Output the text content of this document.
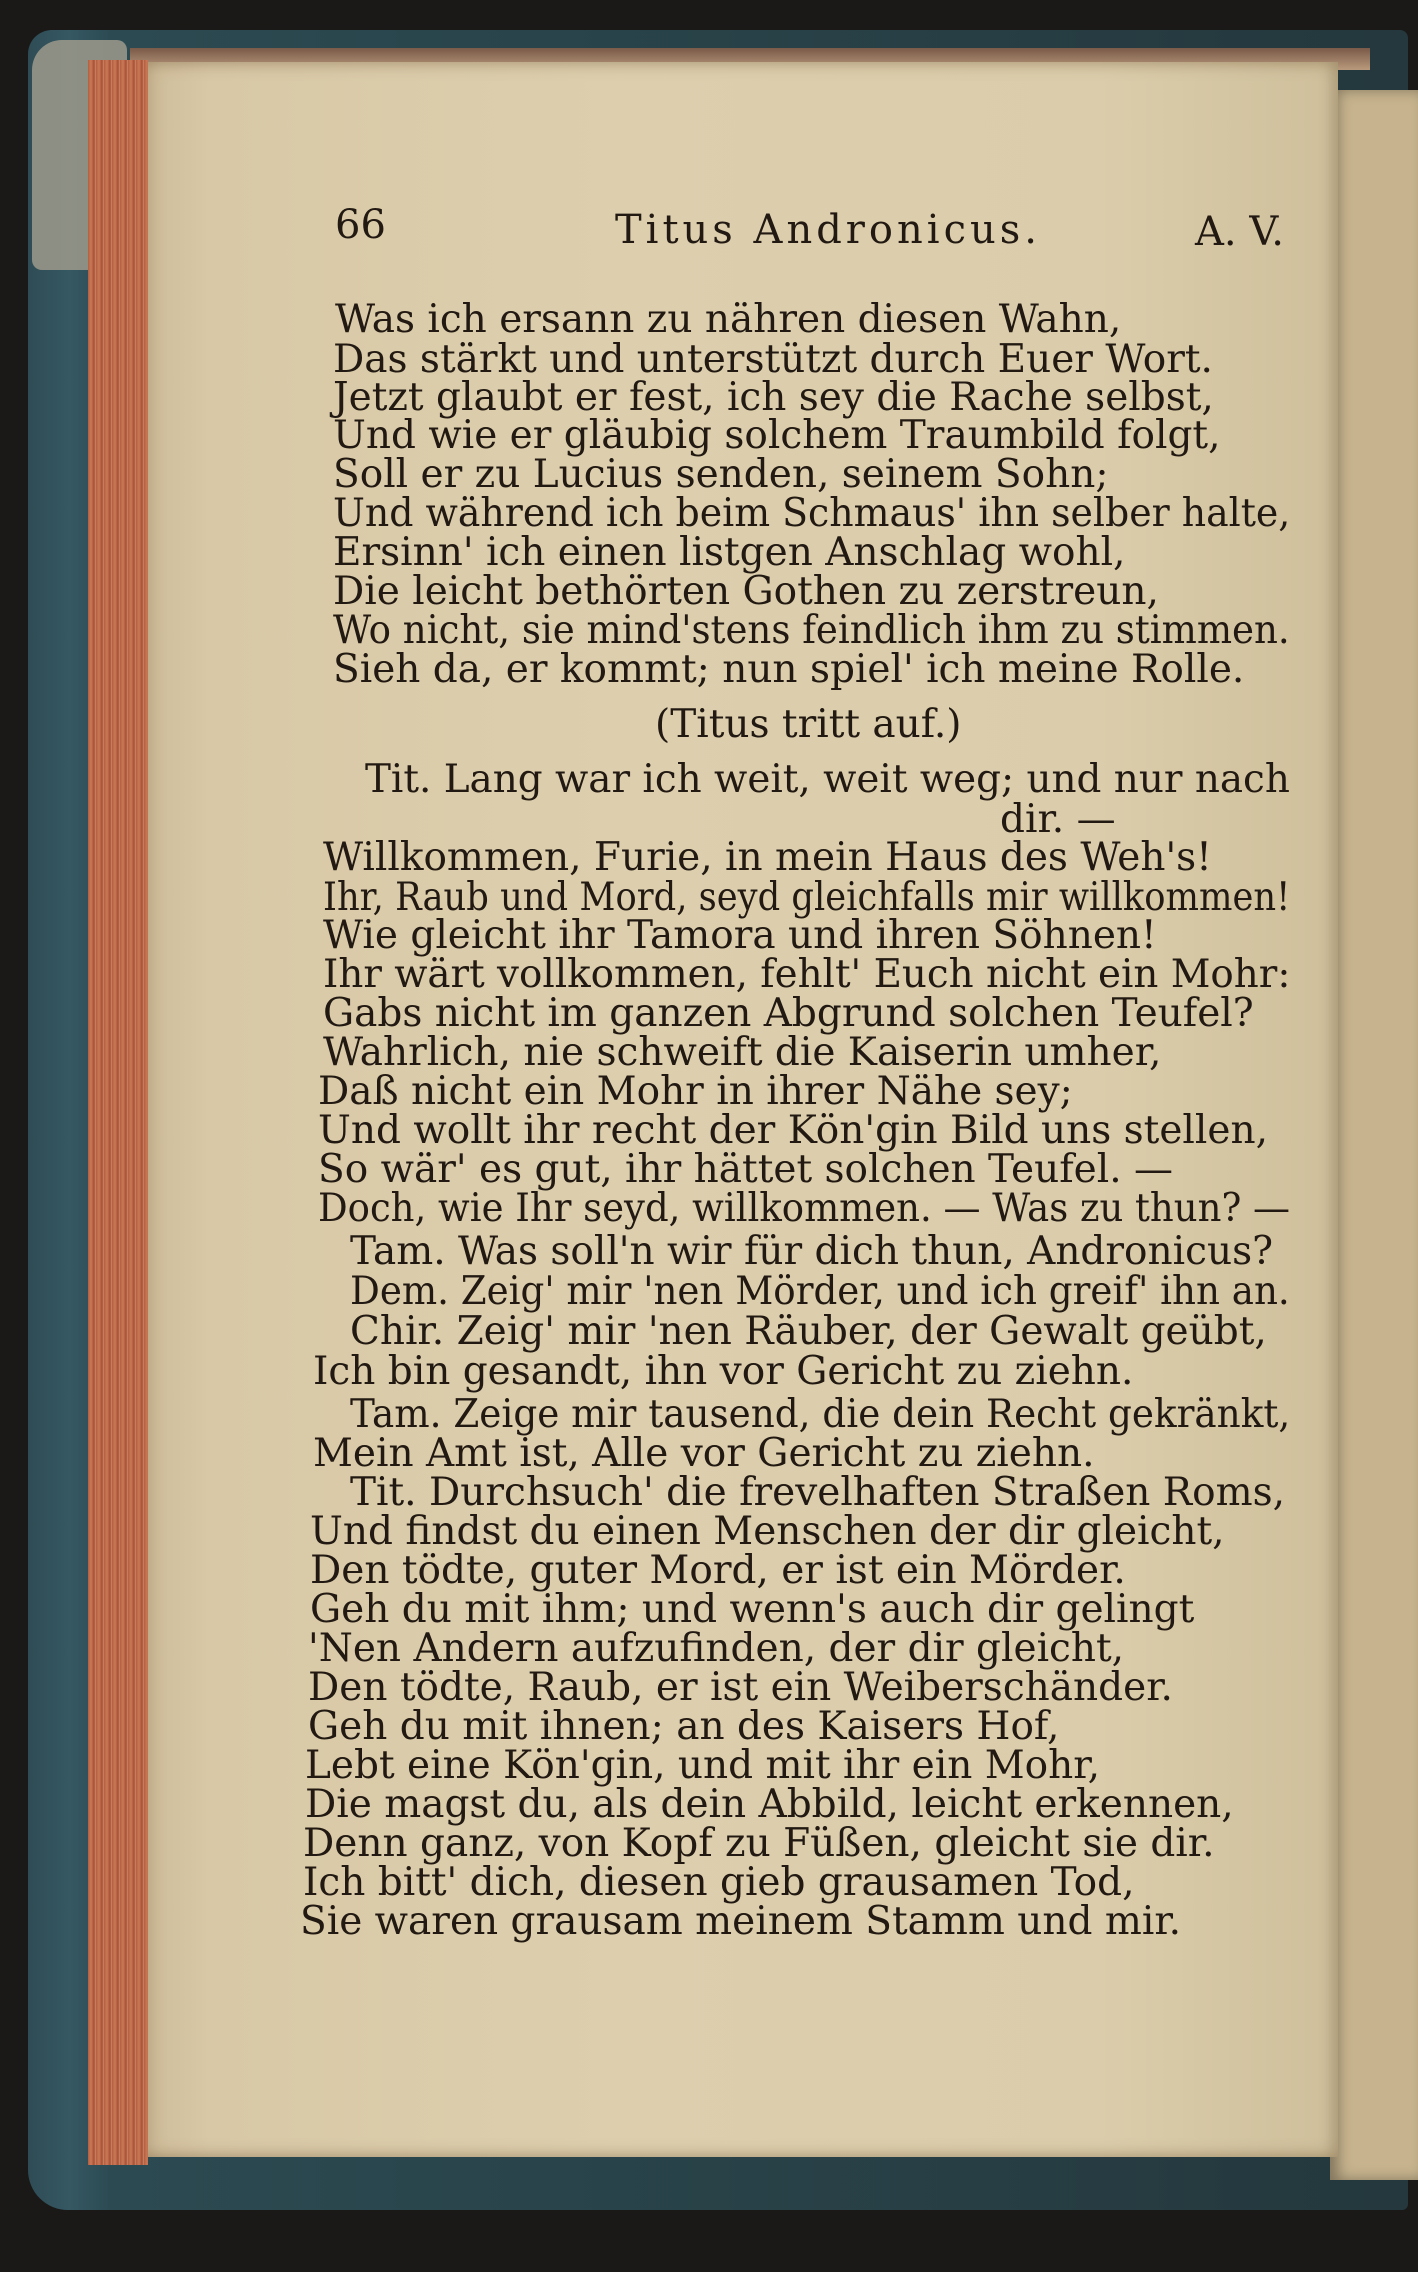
66	Titus Andronicus.	A. V.
Was ich ersann zu nähren diesen Wahn,
Das stärkt und unterstützt durch Euer Wort.
Jetzt glaubt er fest, ich sey die Rache selbst,
Und wie er gläubig solchem Traumbild folgt,
Soll er zu Lucius senden, seinem Sohn;
Und während ich beim Schmaus' ihn selber halte,
Ersinn' ich einen listgen Anschlag wohl,
Die leicht bethörten Gothen zu zerstreun,
Wo nicht, sie mind'stens feindlich ihm zu stimmen.
Sieh da, er kommt; nun spiel' ich meine Rolle.
(Titus tritt auf.)
Tit. Lang war ich weit, weit weg; und nur nach
dir. —
Willkommen, Furie, in mein Haus des Weh's!
Ihr, Raub und Mord, seyd gleichfalls mir willkommen!
Wie gleicht ihr Tamora und ihren Söhnen!
Ihr wärt vollkommen, fehlt' Euch nicht ein Mohr:
Gabs nicht im ganzen Abgrund solchen Teufel?
Wahrlich, nie schweift die Kaiserin umher,
Daß nicht ein Mohr in ihrer Nähe sey;
Und wollt ihr recht der Kön'gin Bild uns stellen,
So wär' es gut, ihr hättet solchen Teufel. —
Doch, wie Ihr seyd, willkommen. — Was zu thun? —
Tam. Was soll'n wir für dich thun, Andronicus?
Dem. Zeig' mir 'nen Mörder, und ich greif' ihn an.
Chir. Zeig' mir 'nen Räuber, der Gewalt geübt,
Ich bin gesandt, ihn vor Gericht zu ziehn.
Tam. Zeige mir tausend, die dein Recht gekränkt,
Mein Amt ist, Alle vor Gericht zu ziehn.
Tit. Durchsuch' die frevelhaften Straßen Roms,
Und findst du einen Menschen der dir gleicht,
Den tödte, guter Mord, er ist ein Mörder.
Geh du mit ihm; und wenn's auch dir gelingt
'Nen Andern aufzufinden, der dir gleicht,
Den tödte, Raub, er ist ein Weiberschänder.
Geh du mit ihnen; an des Kaisers Hof,
Lebt eine Kön'gin, und mit ihr ein Mohr,
Die magst du, als dein Abbild, leicht erkennen,
Denn ganz, von Kopf zu Füßen, gleicht sie dir.
Ich bitt' dich, diesen gieb grausamen Tod,
Sie waren grausam meinem Stamm und mir.
